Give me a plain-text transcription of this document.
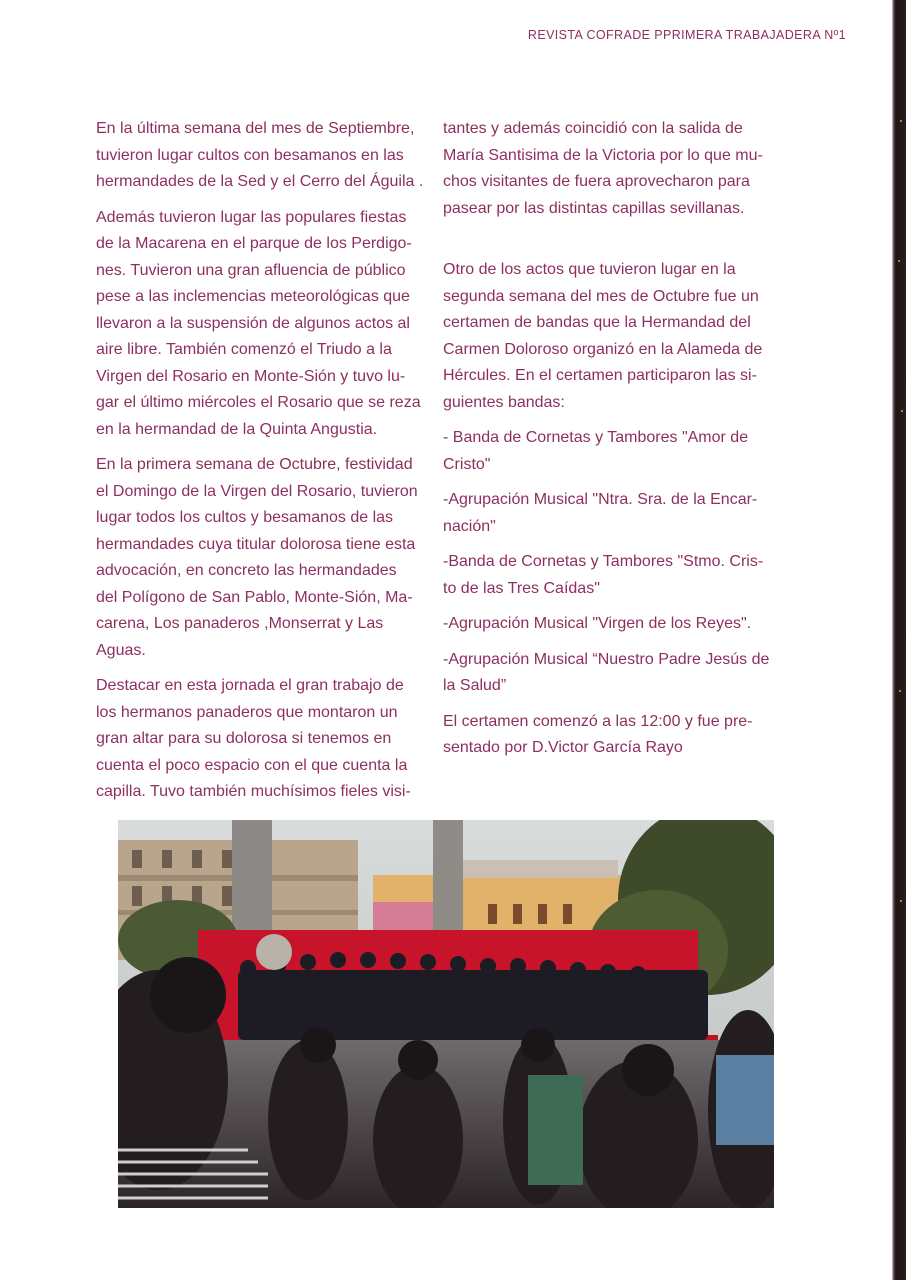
REVISTA COFRADE PPRIMERA TRABAJADERA Nº1

En la última semana del mes de Septiembre,
tuvieron lugar cultos con besamanos en las
hermandades de la Sed y el Cerro del Águila .

Además tuvieron lugar las populares fiestas
de la Macarena en el parque de los Perdigo-
nes. Tuvieron una gran afluencia de público
pese a las inclemencias meteorológicas que
llevaron a la suspensión de algunos actos al
aire libre. También comenzó el Triudo a la
Virgen del Rosario en Monte-Sión y tuvo lu-
gar el último miércoles el Rosario que se reza
en la hermandad de la Quinta Angustia.

En la primera semana de Octubre, festividad
el Domingo de la Virgen del Rosario, tuvieron
lugar todos los cultos y besamanos de las
hermandades cuya titular dolorosa tiene esta
advocación, en concreto las hermandades
del Polígono de San Pablo, Monte-Sión, Ma-
carena, Los panaderos ,Monserrat y Las
Aguas.

Destacar en esta jornada el gran trabajo de
los hermanos panaderos que montaron un
gran altar para su dolorosa si tenemos en
cuenta el poco espacio con el que cuenta la
capilla. Tuvo también muchísimos fieles visi-

tantes y además coincidió con la salida de
María Santisima de la Victoria por lo que mu-
chos visitantes de fuera aprovecharon para
pasear por las distintas capillas sevillanas.

Otro de los actos que tuvieron lugar en la
segunda semana del mes de Octubre fue un
certamen de bandas que la Hermandad del
Carmen Doloroso organizó en la Alameda de
Hércules. En el certamen participaron las si-
guientes bandas:

- Banda de Cornetas y Tambores "Amor de
Cristo"

-Agrupación Musical "Ntra. Sra. de la Encar-
nación"

-Banda de Cornetas y Tambores "Stmo. Cris-
to de las Tres Caídas"

-Agrupación Musical "Virgen de los Reyes".

-Agrupación Musical “Nuestro Padre Jesús de
la Salud”

El certamen comenzó a las 12:00 y fue pre-
sentado por D.Victor García Rayo
